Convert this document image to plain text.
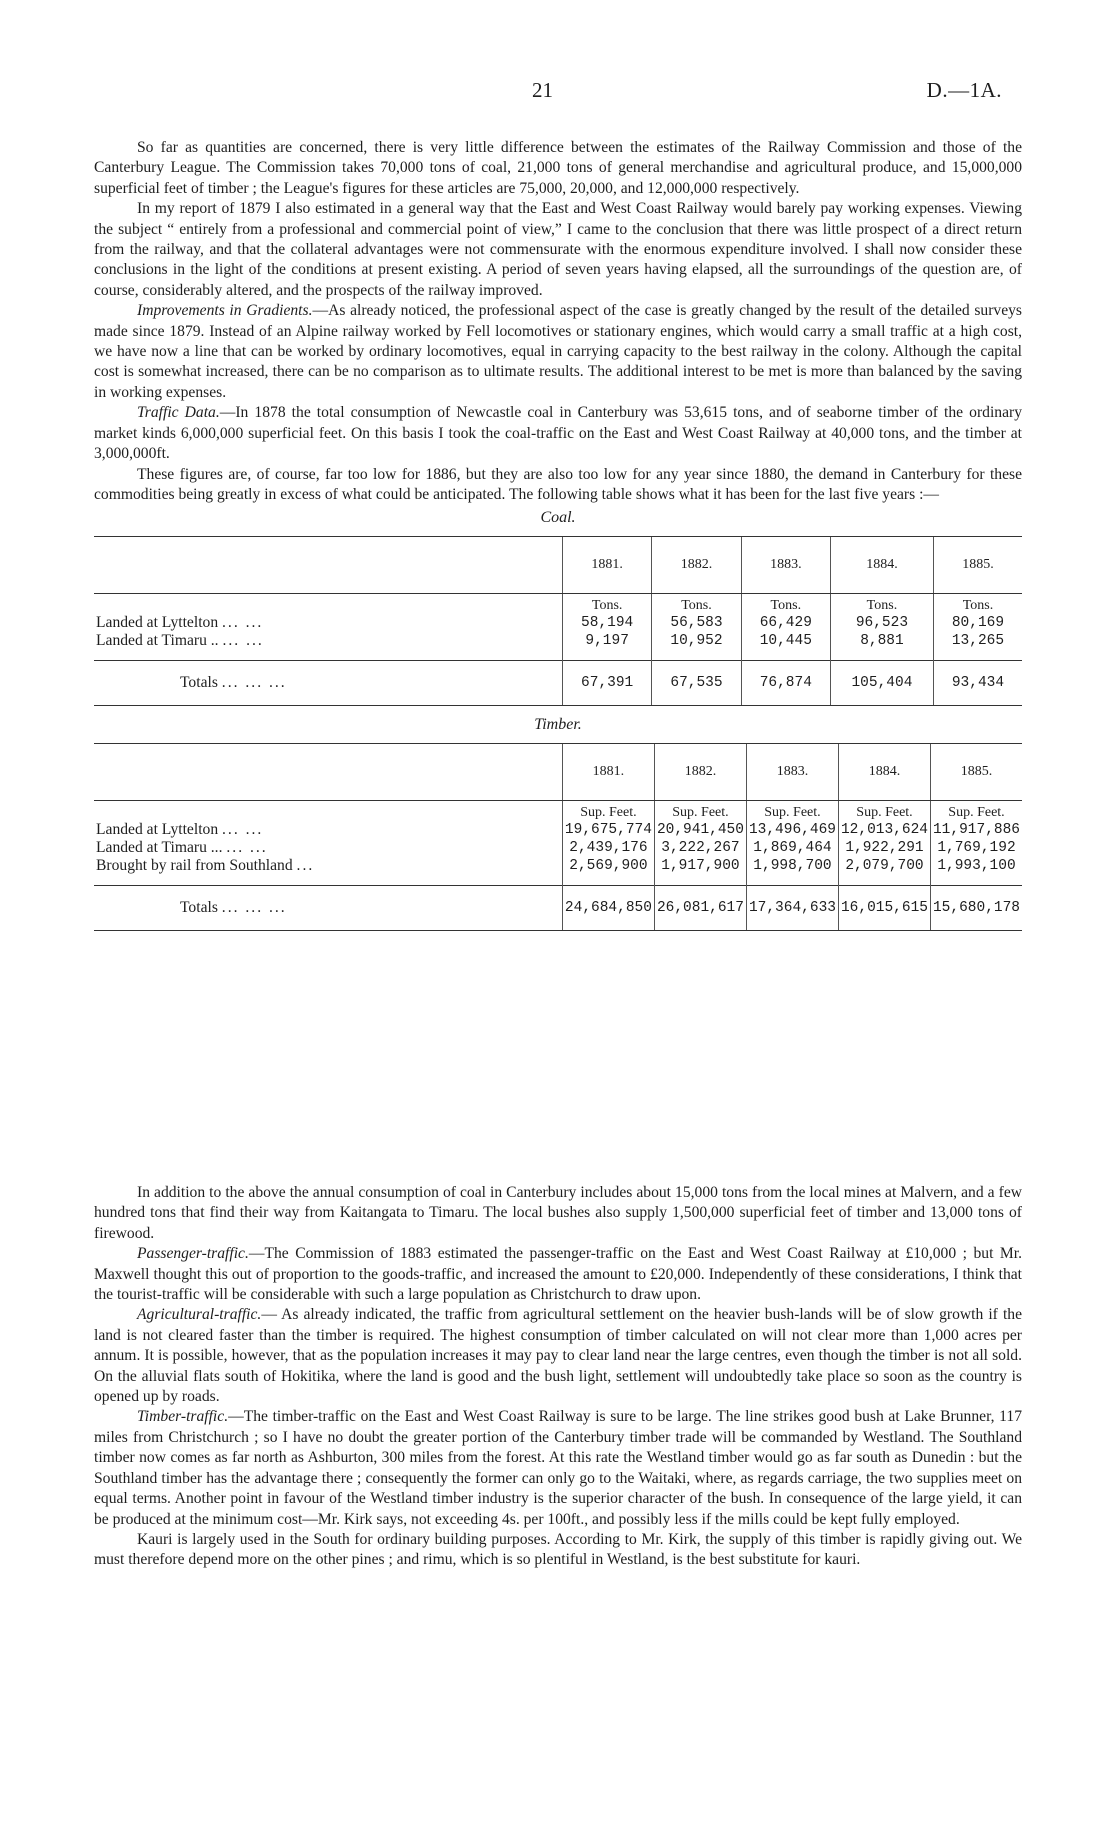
21	D.—1A.

So far as quantities are concerned, there is very little difference between the estimates of the Railway Commission and those of the Canterbury League. The Commission takes 70,000 tons of coal, 21,000 tons of general merchandise and agricultural produce, and 15,000,000 superficial feet of timber ; the League's figures for these articles are 75,000, 20,000, and 12,000,000 respectively.

In my report of 1879 I also estimated in a general way that the East and West Coast Railway would barely pay working expenses. Viewing the subject “ entirely from a professional and commercial point of view,” I came to the conclusion that there was little prospect of a direct return from the railway, and that the collateral advantages were not commensurate with the enormous expenditure involved. I shall now consider these conclusions in the light of the conditions at present existing. A period of seven years having elapsed, all the surroundings of the question are, of course, considerably altered, and the prospects of the railway improved.

Improvements in Gradients.—As already noticed, the professional aspect of the case is greatly changed by the result of the detailed surveys made since 1879. Instead of an Alpine railway worked by Fell locomotives or stationary engines, which would carry a small traffic at a high cost, we have now a line that can be worked by ordinary locomotives, equal in carrying capacity to the best railway in the colony. Although the capital cost is somewhat increased, there can be no comparison as to ultimate results. The additional interest to be met is more than balanced by the saving in working expenses.

Traffic Data.—In 1878 the total consumption of Newcastle coal in Canterbury was 53,615 tons, and of seaborne timber of the ordinary market kinds 6,000,000 superficial feet. On this basis I took the coal-traffic on the East and West Coast Railway at 40,000 tons, and the timber at 3,000,000ft.

These figures are, of course, far too low for 1886, but they are also too low for any year since 1880, the demand in Canterbury for these commodities being greatly in excess of what could be anticipated. The following table shows what it has been for the last five years :—

Coal.
	1881.	1882.	1883.	1884.	1885.
	Tons.	Tons.	Tons.	Tons.	Tons.
Landed at Lyttelton ... ...	58,194	56,583	66,429	96,523	80,169
Landed at Timaru .. ... ...	9,197	10,952	10,445	8,881	13,265

Totals ... ... ...	67,391	67,535	76,874	105,404	93,434
Timber.
	1881.	1882.	1883.	1884.	1885.
	Sup. Feet.	Sup. Feet.	Sup. Feet.	Sup. Feet.	Sup. Feet.
Landed at Lyttelton ... ...	19,675,774	20,941,450	13,496,469	12,013,624	11,917,886
Landed at Timaru ... ... ...	2,439,176	3,222,267	1,869,464	1,922,291	1,769,192
Brought by rail from Southland ...	2,569,900	1,917,900	1,998,700	2,079,700	1,993,100

Totals ... ... ...	24,684,850	26,081,617	17,364,633	16,015,615	15,680,178

In addition to the above the annual consumption of coal in Canterbury includes about 15,000 tons from the local mines at Malvern, and a few hundred tons that find their way from Kaitangata to Timaru. The local bushes also supply 1,500,000 superficial feet of timber and 13,000 tons of firewood.

Passenger-traffic.—The Commission of 1883 estimated the passenger-traffic on the East and West Coast Railway at £10,000 ; but Mr. Maxwell thought this out of proportion to the goods-traffic, and increased the amount to £20,000. Independently of these considerations, I think that the tourist-traffic will be considerable with such a large population as Christchurch to draw upon.

Agricultural-traffic.— As already indicated, the traffic from agricultural settlement on the heavier bush-lands will be of slow growth if the land is not cleared faster than the timber is required. The highest consumption of timber calculated on will not clear more than 1,000 acres per annum. It is possible, however, that as the population increases it may pay to clear land near the large centres, even though the timber is not all sold. On the alluvial flats south of Hokitika, where the land is good and the bush light, settlement will undoubtedly take place so soon as the country is opened up by roads.

Timber-traffic.—The timber-traffic on the East and West Coast Railway is sure to be large. The line strikes good bush at Lake Brunner, 117 miles from Christchurch ; so I have no doubt the greater portion of the Canterbury timber trade will be commanded by Westland. The Southland timber now comes as far north as Ashburton, 300 miles from the forest. At this rate the Westland timber would go as far south as Dunedin : but the Southland timber has the advantage there ; consequently the former can only go to the Waitaki, where, as regards carriage, the two supplies meet on equal terms. Another point in favour of the Westland timber industry is the superior character of the bush. In consequence of the large yield, it can be produced at the minimum cost—Mr. Kirk says, not exceeding 4s. per 100ft., and possibly less if the mills could be kept fully employed.

Kauri is largely used in the South for ordinary building purposes. According to Mr. Kirk, the supply of this timber is rapidly giving out. We must therefore depend more on the other pines ; and rimu, which is so plentiful in Westland, is the best substitute for kauri.
